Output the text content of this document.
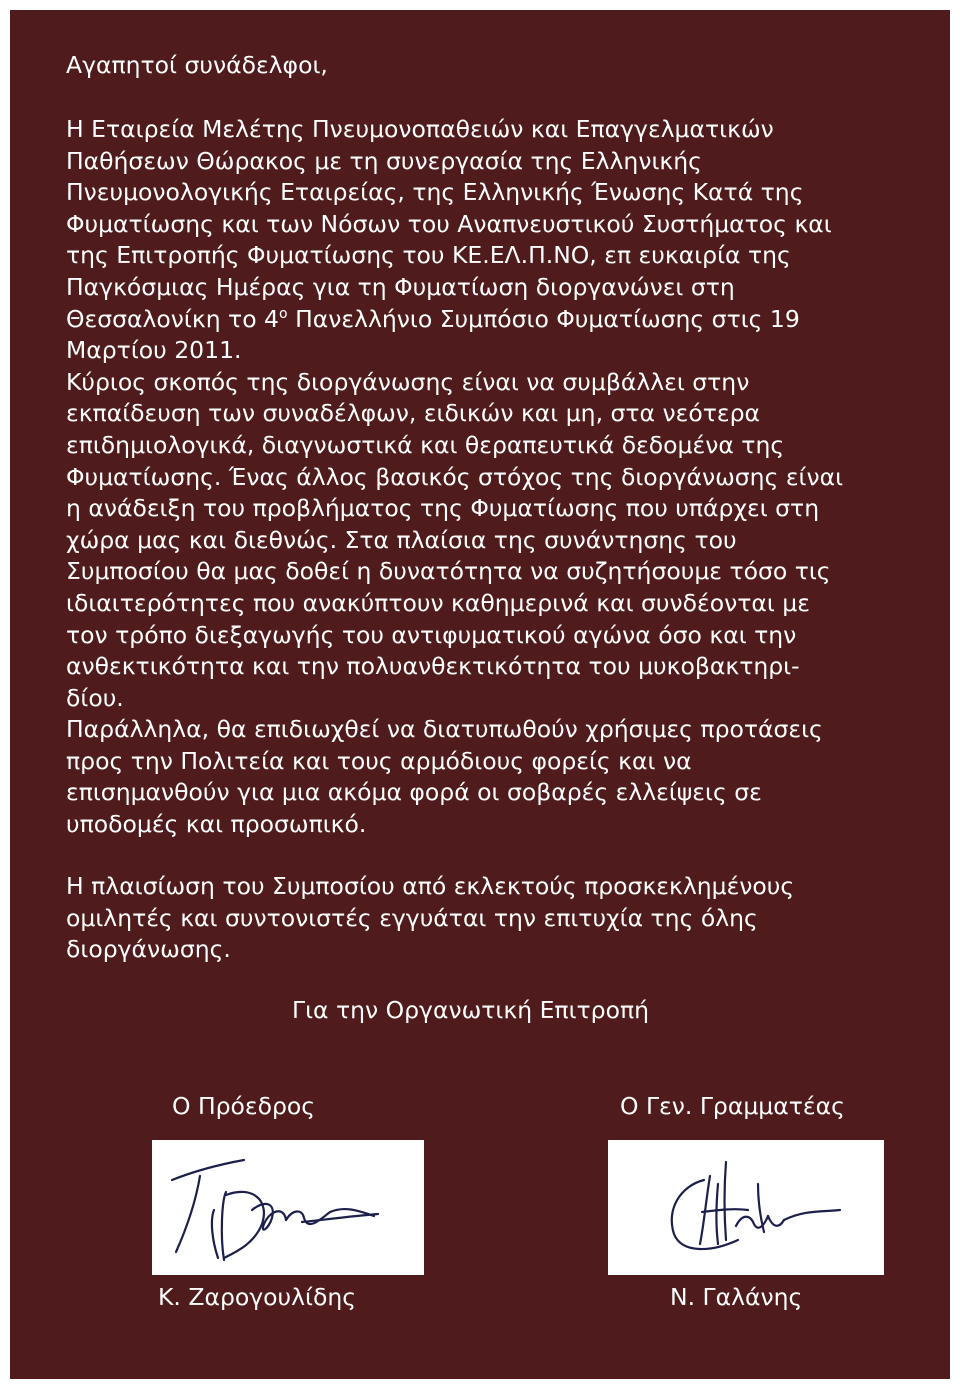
Αγαπητοί συνάδελφοι,

Η Εταιρεία Μελέτης Πνευμονοπαθειών και Επαγγελματικών
Παθήσεων Θώρακος με τη συνεργασία της Ελληνικής
Πνευμονολογικής Εταιρείας, της Ελληνικής Ένωσης Κατά της
Φυματίωσης και των Νόσων του Αναπνευστικού Συστήματος και
της Επιτροπής Φυματίωσης του ΚΕ.ΕΛ.Π.ΝΟ, επ ευκαιρία της
Παγκόσμιας Ημέρας για τη Φυματίωση διοργανώνει στη
Θεσσαλονίκη το $4^o$ Πανελλήνιο Συμπόσιο Φυματίωσης στις 19
Μαρτίου 2011.
Κύριος σκοπός της διοργάνωσης είναι να συμβάλλει στην
εκπαίδευση των συναδέλφων, ειδικών και μη, στα νεότερα
επιδημιολογικά, διαγνωστικά και θεραπευτικά δεδομένα της
Φυματίωσης. Ένας άλλος βασικός στόχος της διοργάνωσης είναι
η ανάδειξη του προβλήματος της Φυματίωσης που υπάρχει στη
χώρα μας και διεθνώς. Στα πλαίσια της συνάντησης του
Συμποσίου θα μας δοθεί η δυνατότητα να συζητήσουμε τόσο τις
ιδιαιτερότητες που ανακύπτουν καθημερινά και συνδέονται με
τον τρόπο διεξαγωγής του αντιφυματικού αγώνα όσο και την
ανθεκτικότητα και την πολυανθεκτικότητα του μυκοβακτηρι-
δίου.
Παράλληλα, θα επιδιωχθεί να διατυπωθούν χρήσιμες προτάσεις
προς την Πολιτεία και τους αρμόδιους φορείς και να
επισημανθούν για μια ακόμα φορά οι σοβαρές ελλείψεις σε
υποδομές και προσωπικό.
Η πλαισίωση του Συμποσίου από εκλεκτούς προσκεκλημένους
ομιλητές και συντονιστές εγγυάται την επιτυχία της όλης
διοργάνωσης.
Για την Οργανωτική Επιτροπή
Ο Πρόεδρος	Ο Γεν. Γραμματέας
Κ. Ζαρογουλίδης	Ν. Γαλάνης
